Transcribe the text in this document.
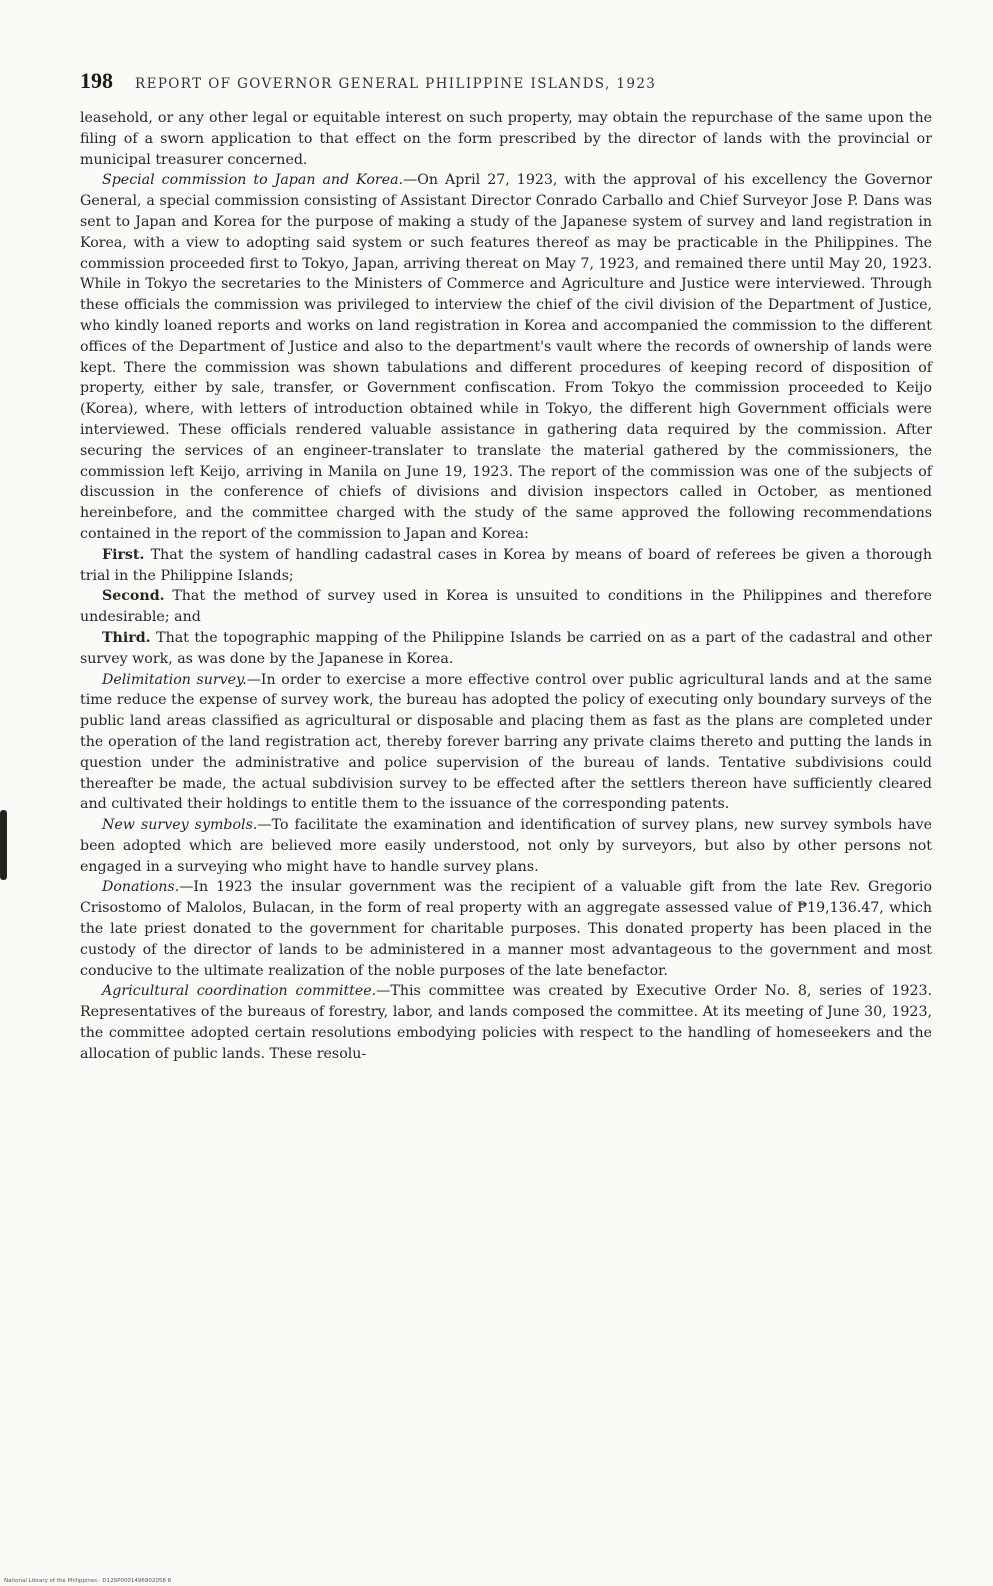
198 REPORT OF GOVERNOR GENERAL PHILIPPINE ISLANDS, 1923

leasehold, or any other legal or equitable interest on such property, may obtain the repurchase of the same upon the filing of a sworn application to that effect on the form prescribed by the director of lands with the provincial or municipal treasurer concerned.

Special commission to Japan and Korea.—On April 27, 1923, with the approval of his excellency the Governor General, a special commission consisting of Assistant Director Conrado Carballo and Chief Surveyor Jose P. Dans was sent to Japan and Korea for the purpose of making a study of the Japanese system of survey and land registration in Korea, with a view to adopting said system or such features thereof as may be practicable in the Philippines. The commission proceeded first to Tokyo, Japan, arriving thereat on May 7, 1923, and remained there until May 20, 1923. While in Tokyo the secretaries to the Ministers of Commerce and Agriculture and Justice were interviewed. Through these officials the commission was privileged to interview the chief of the civil division of the Department of Justice, who kindly loaned reports and works on land registration in Korea and accompanied the commission to the different offices of the Department of Justice and also to the department's vault where the records of ownership of lands were kept. There the commission was shown tabulations and different procedures of keeping record of disposition of property, either by sale, transfer, or Government confiscation. From Tokyo the commission proceeded to Keijo (Korea), where, with letters of introduction obtained while in Tokyo, the different high Government officials were interviewed. These officials rendered valuable assistance in gathering data required by the commission. After securing the services of an engineer-translater to translate the material gathered by the commissioners, the commission left Keijo, arriving in Manila on June 19, 1923. The report of the commission was one of the subjects of discussion in the conference of chiefs of divisions and division inspectors called in October, as mentioned hereinbefore, and the committee charged with the study of the same approved the following recommendations contained in the report of the commission to Japan and Korea:

First. That the system of handling cadastral cases in Korea by means of board of referees be given a thorough trial in the Philippine Islands;

Second. That the method of survey used in Korea is unsuited to conditions in the Philippines and therefore undesirable; and

Third. That the topographic mapping of the Philippine Islands be carried on as a part of the cadastral and other survey work, as was done by the Japanese in Korea.

Delimitation survey.—In order to exercise a more effective control over public agricultural lands and at the same time reduce the expense of survey work, the bureau has adopted the policy of executing only boundary surveys of the public land areas classified as agricultural or disposable and placing them as fast as the plans are completed under the operation of the land registration act, thereby forever barring any private claims thereto and putting the lands in question under the administrative and police supervision of the bureau of lands. Tentative subdivisions could thereafter be made, the actual subdivision survey to be effected after the settlers thereon have sufficiently cleared and cultivated their holdings to entitle them to the issuance of the corresponding patents.

New survey symbols.—To facilitate the examination and identification of survey plans, new survey symbols have been adopted which are believed more easily understood, not only by surveyors, but also by other persons not engaged in a surveying who might have to handle survey plans.

Donations.—In 1923 the insular government was the recipient of a valuable gift from the late Rev. Gregorio Crisostomo of Malolos, Bulacan, in the form of real property with an aggregate assessed value of ₱19,136.47, which the late priest donated to the government for charitable purposes. This donated property has been placed in the custody of the director of lands to be administered in a manner most advantageous to the government and most conducive to the ultimate realization of the noble purposes of the late benefactor.

Agricultural coordination committee.—This committee was created by Executive Order No. 8, series of 1923. Representatives of the bureaus of forestry, labor, and lands composed the committee. At its meeting of June 30, 1923, the committee adopted certain resolutions embodying policies with respect to the handling of homeseekers and the allocation of public lands. These resolu-

National Library of the Philippines · D12SP0001496902058 8
